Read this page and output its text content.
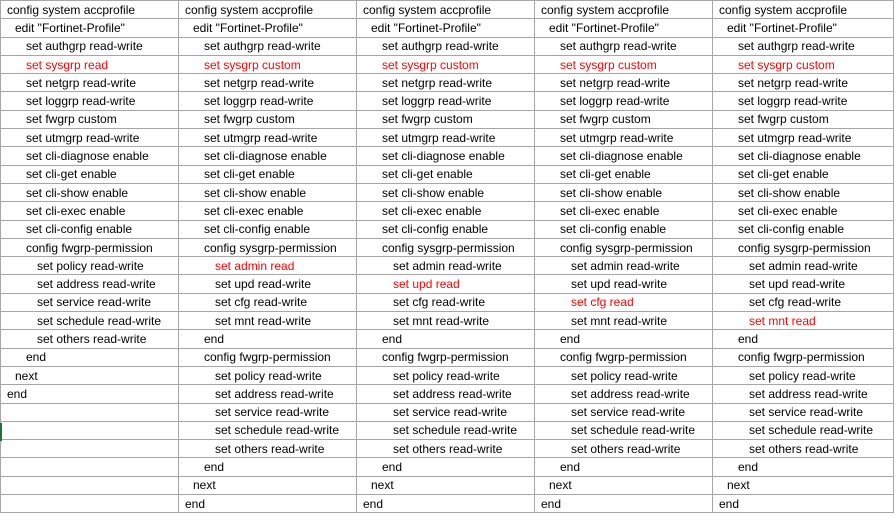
config system accprofile	config system accprofile	config system accprofile	config system accprofile	config system accprofile
edit "Fortinet-Profile"	edit "Fortinet-Profile"	edit "Fortinet-Profile"	edit "Fortinet-Profile"	edit "Fortinet-Profile"
set authgrp read-write	set authgrp read-write	set authgrp read-write	set authgrp read-write	set authgrp read-write
set sysgrp read	set sysgrp custom	set sysgrp custom	set sysgrp custom	set sysgrp custom
set netgrp read-write	set netgrp read-write	set netgrp read-write	set netgrp read-write	set netgrp read-write
set loggrp read-write	set loggrp read-write	set loggrp read-write	set loggrp read-write	set loggrp read-write
set fwgrp custom	set fwgrp custom	set fwgrp custom	set fwgrp custom	set fwgrp custom
set utmgrp read-write	set utmgrp read-write	set utmgrp read-write	set utmgrp read-write	set utmgrp read-write
set cli-diagnose enable	set cli-diagnose enable	set cli-diagnose enable	set cli-diagnose enable	set cli-diagnose enable
set cli-get enable	set cli-get enable	set cli-get enable	set cli-get enable	set cli-get enable
set cli-show enable	set cli-show enable	set cli-show enable	set cli-show enable	set cli-show enable
set cli-exec enable	set cli-exec enable	set cli-exec enable	set cli-exec enable	set cli-exec enable
set cli-config enable	set cli-config enable	set cli-config enable	set cli-config enable	set cli-config enable
config fwgrp-permission	config sysgrp-permission	config sysgrp-permission	config sysgrp-permission	config sysgrp-permission
set policy read-write	set admin read	set admin read-write	set admin read-write	set admin read-write
set address read-write	set upd read-write	set upd read	set upd read-write	set upd read-write
set service read-write	set cfg read-write	set cfg read-write	set cfg read	set cfg read-write
set schedule read-write	set mnt read-write	set mnt read-write	set mnt read-write	set mnt read
set others read-write	end	end	end	end
end	config fwgrp-permission	config fwgrp-permission	config fwgrp-permission	config fwgrp-permission
next	set policy read-write	set policy read-write	set policy read-write	set policy read-write
end	set address read-write	set address read-write	set address read-write	set address read-write
	set service read-write	set service read-write	set service read-write	set service read-write
	set schedule read-write	set schedule read-write	set schedule read-write	set schedule read-write
	set others read-write	set others read-write	set others read-write	set others read-write
	end	end	end	end
	next	next	next	next
	end	end	end	end
